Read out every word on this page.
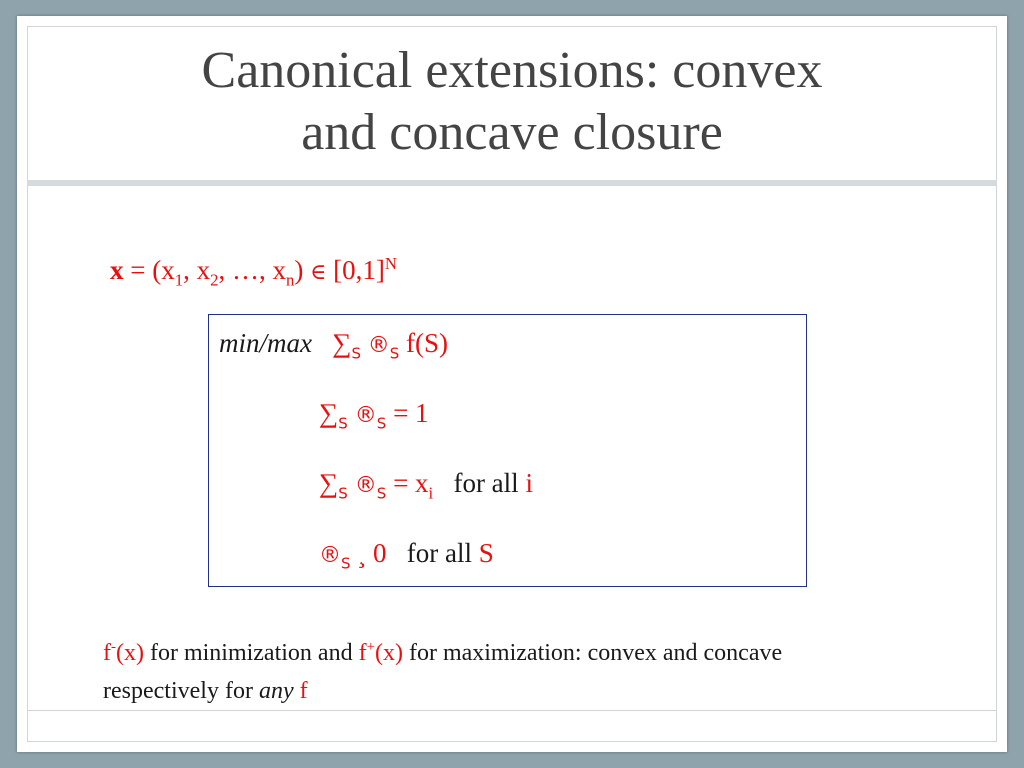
Canonical extensions: convex
and concave closure
$x = (x_1$, $x_2$, …, $x_n$) ∈ $[0,1]^N$
min/max $\sum_S$ $®_S$ f(S)
$\sum_S$ $®_S = 1$
$\sum_S$ $®_S = x_i$ for all i
$®_S$ ¸ 0 for all S
f-(x) for minimization and f+(x) for maximization: convex and concave respectively for any f
